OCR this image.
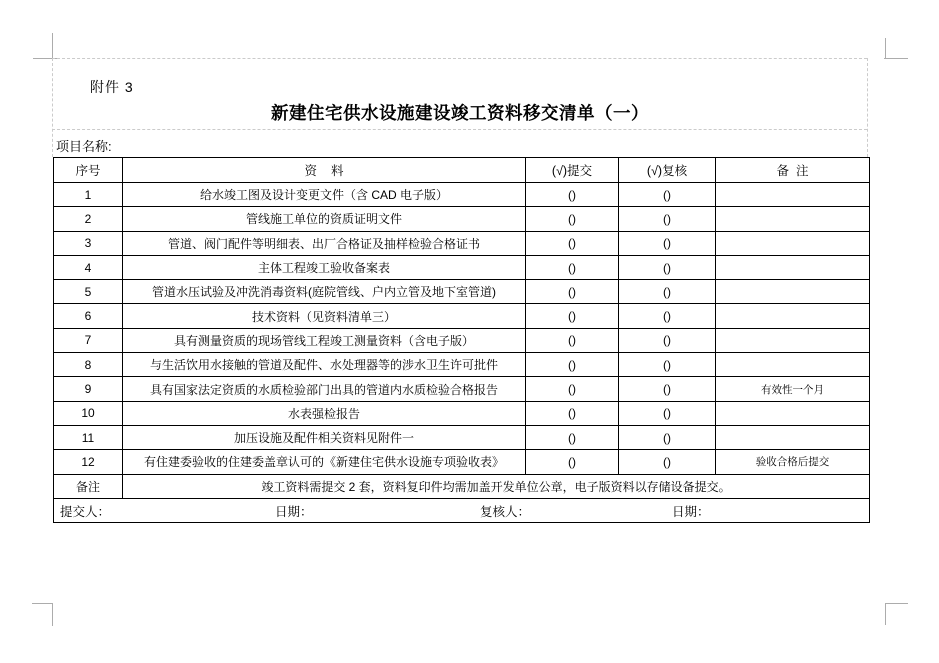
附件 3
新建住宅供水设施建设竣工资料移交清单（一）
项目名称:
序号	资    料	(√)提交	(√)复核	备  注
1	给水竣工图及设计变更文件（含 CAD 电子版）	()	()	
2	管线施工单位的资质证明文件	()	()	
3	管道、阀门配件等明细表、出厂合格证及抽样检验合格证书	()	()	
4	主体工程竣工验收备案表	()	()	
5	管道水压试验及冲洗消毒资料(庭院管线、户内立管及地下室管道)	()	()	
6	技术资料（见资料清单三）	()	()	
7	具有测量资质的现场管线工程竣工测量资料（含电子版）	()	()	
8	与生活饮用水接触的管道及配件、水处理器等的涉水卫生许可批件	()	()	
9	具有国家法定资质的水质检验部门出具的管道内水质检验合格报告	()	()	有效性一个月
10	水表强检报告	()	()	
11	加压设施及配件相关资料见附件一	()	()	
12	有住建委验收的住建委盖章认可的《新建住宅供水设施专项验收表》	()	()	验收合格后提交
备注	竣工资料需提交 2 套，资料复印件均需加盖开发单位公章，电子版资料以存储设备提交。			

提交人： 日期： 复核人： 日期：				
